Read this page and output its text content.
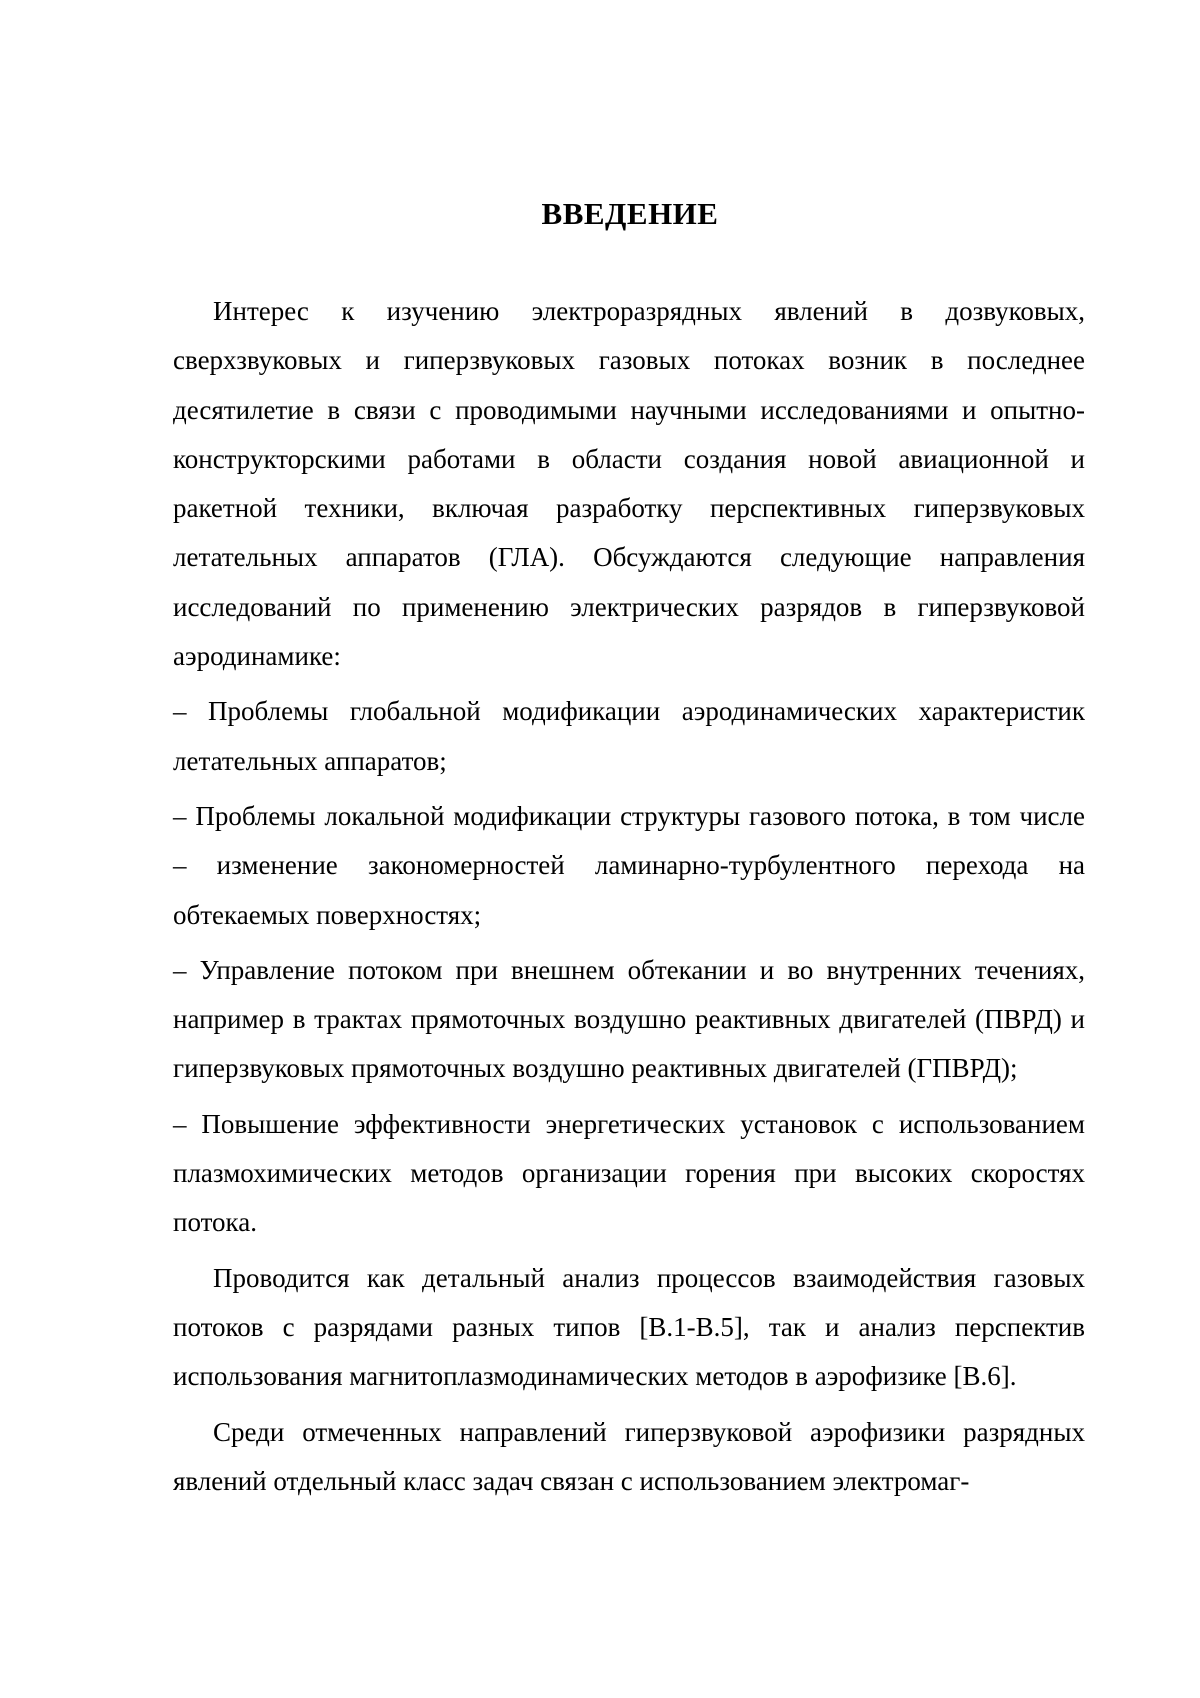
ВВЕДЕНИЕ

Интерес к изучению электроразрядных явлений в дозвуковых, сверхзвуковых и гиперзвуковых газовых потоках возник в последнее десятилетие в связи с проводимыми научными исследованиями и опытно-конструкторскими работами в области создания новой авиационной и ракетной техники, включая разработку перспективных гиперзвуковых летательных аппаратов (ГЛА). Обсуждаются следующие направления исследований по применению электрических разрядов в гиперзвуковой аэродинамике:

– Проблемы глобальной модификации аэродинамических характеристик летательных аппаратов;

– Проблемы локальной модификации структуры газового потока, в том числе – изменение закономерностей ламинарно-турбулентного перехода на обтекаемых поверхностях;

– Управление потоком при внешнем обтекании и во внутренних течениях, например в трактах прямоточных воздушно реактивных двигателей (ПВРД) и гиперзвуковых прямоточных воздушно реактивных двигателей (ГПВРД);

– Повышение эффективности энергетических установок с использованием плазмохимических методов организации горения при высоких скоростях потока.

Проводится как детальный анализ процессов взаимодействия газовых потоков с разрядами разных типов [В.1-В.5], так и анализ перспектив использования магнитоплазмодинамических методов в аэрофизике [В.6].

Среди отмеченных направлений гиперзвуковой аэрофизики разрядных явлений отдельный класс задач связан с использованием электромаг-
